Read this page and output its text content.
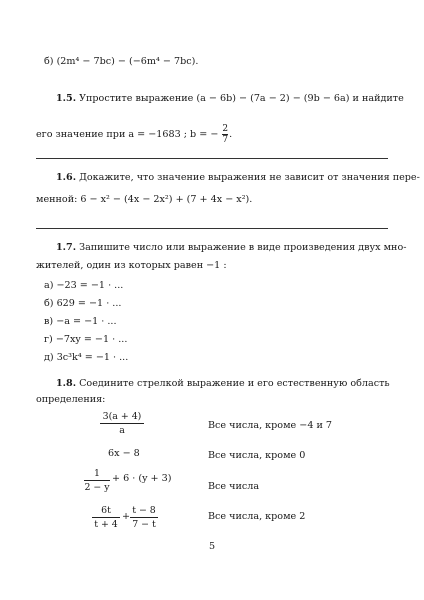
б) (2m⁴ − 7bc) − (−6m⁴ − 7bc).
1.5. Упростите выражение (a − 6b) − (7a − 2) − (9b − 6a) и найдите
его значение при a = −1683 ; b = − $\frac{2}{7}$ .
1.6. Докажите, что значение выражения не зависит от значения пере-
менной: 6 − x² − (4x − 2x²) + (7 + 4x − x²).
1.7. Запишите число или выражение в виде произведения двух мно-
жителей, один из которых равен −1 :
а) −23 = −1 · ...
б) 629 = −1 · ...
в) −a = −1 · ...
г) −7xy = −1 · ...
д) 3c³k⁴ = −1 · ...
1.8. Соедините стрелкой выражение и его естественную область
определения:
3(a + 4)
a	Все числа, кроме −4 и 7
6x − 8	Все числа, кроме 0
1
2 − y
+ 6 · (y + 3)
Все числа
6t
t + 4
+
t − 8
7 − t
Все числа, кроме 2
5
